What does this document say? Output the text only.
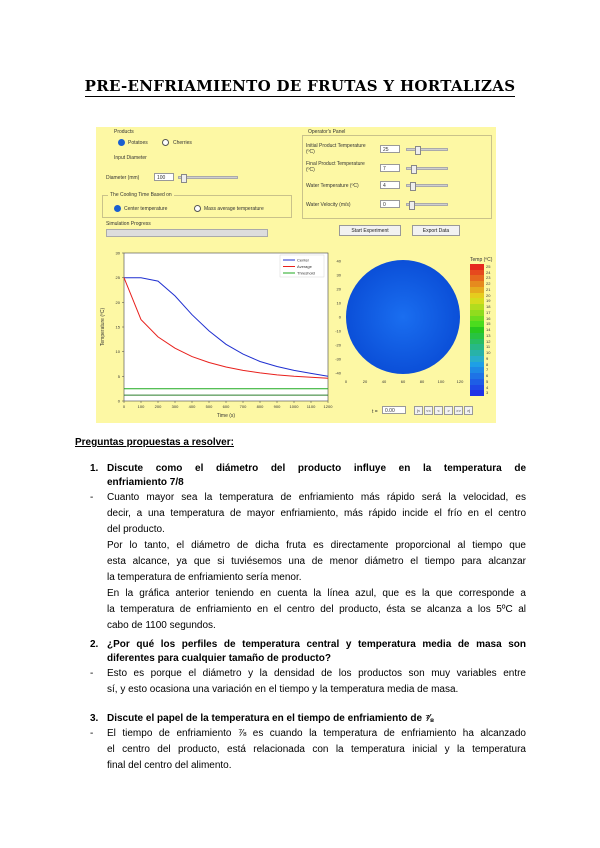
PRE-ENFRIAMIENTO DE FRUTAS Y HORTALIZAS
Products
Potatoes	Cherries
Input Diameter
Diameter (mm)	100
The Cooling Time Based on
Center temperature	Mass average temperature
Simulation Progress
Operator's Panel
Initial Product Temperature (ºC)	25
Final Product Temperature (ºC)	7
Water Temperature (ºC)	4
Water Velocity (m/s)	0
Start Experiment	Export Data
0
5
10
15
20
25
30
0	100	200	300	400	500	600	700	800	900 1000 1100 1200
Time (s)
Temperature (ºC)
Center
Average
Threshold
40
30
20
10
0
-10
-20
-30
-40
0	20	40	60	80	100	120
Temp (ºC)
25
24
23
22
21
20
19
18
17
16
15
14
13
12
11
10
9
8
7
6
5
4
3
t =	0.00	|<	<<	<	>	>>	>|
Preguntas propuestas a resolver:
1. Discute como el diámetro del producto influye en la temperatura de
enfriamiento 7/8
- Cuanto mayor sea la temperatura de enfriamiento más rápido será la velocidad, es
decir, a una temperatura de mayor enfriamiento, más rápido incide el frío en el centro
del producto.
Por lo tanto, el diámetro de dicha fruta es directamente proporcional al tiempo que
esta alcance, ya que si tuviésemos una de menor diámetro el tiempo para alcanzar
la temperatura de enfriamiento sería menor.
En la gráfica anterior teniendo en cuenta la línea azul, que es la que corresponde a
la temperatura de enfriamiento en el centro del producto, ésta se alcanza a los 5ºC al
cabo de 1100 segundos.
2. ¿Por qué los perfiles de temperatura central y temperatura media de masa son
diferentes para cualquier tamaño de producto?
- Esto es porque el diámetro y la densidad de los productos son muy variables entre
sí, y esto ocasiona una variación en el tiempo y la temperatura media de masa.
3. Discute el papel de la temperatura en el tiempo de enfriamiento de ⅞
- El tiempo de enfriamiento ⅞ es cuando la temperatura de enfriamiento ha alcanzado
el centro del producto, está relacionada con la temperatura inicial y la temperatura
final del centro del alimento.
